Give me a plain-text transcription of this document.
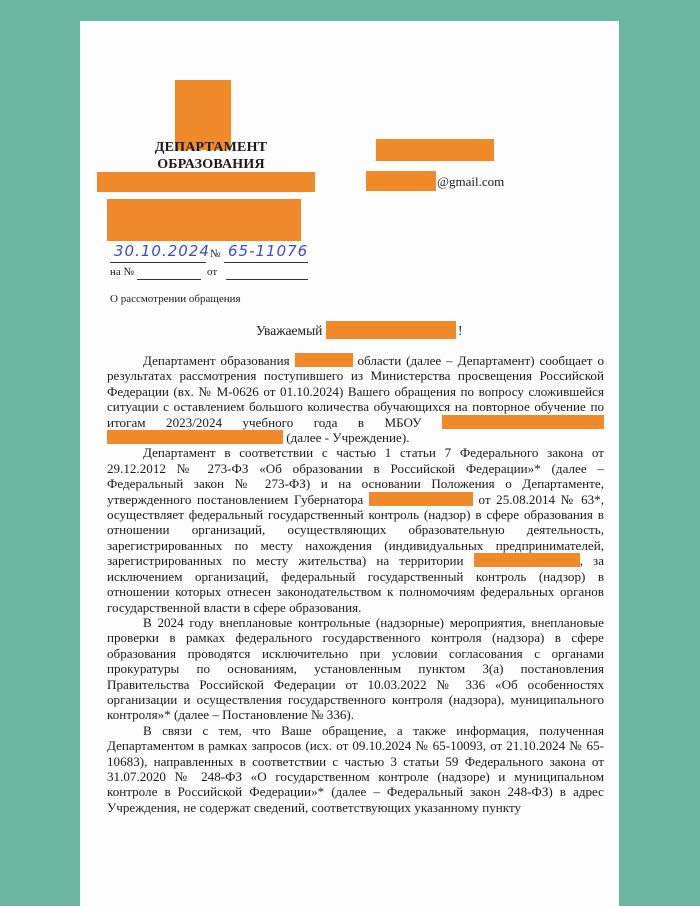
ДЕПАРТАМЕНТ
ОБРАЗОВАНИЯ
@gmail.com
30.10.2024 № 65-11076
на №	от
О рассмотрении обращения
Уважаемый	!

Департамент образования	области (далее – Департамент) сообщает о результатах рассмотрения поступившего из Министерства просвещения Российской Федерации (вх. № М-0626 от 01.10.2024) Вашего обращения по вопросу сложившейся ситуации с оставлением большого количества обучающихся на повторное обучение по итогам 2023/2024 учебного года в МБОУ   (далее - Учреждение).

Департамент в соответствии с частью 1 статьи 7 Федерального закона от 29.12.2012 № 273-ФЗ «Об образовании в Российской Федерации»* (далее – Федеральный закон № 273-ФЗ) и на основании Положения о Департаменте, утвержденного постановлением Губернатора	от 25.08.2014 № 63*, осуществляет федеральный государственный контроль (надзор) в сфере образования в отношении организаций, осуществляющих образовательную деятельность, зарегистрированных по месту нахождения (индивидуальных предпринимателей, зарегистрированных по месту жительства) на территории	, за исключением организаций, федеральный государственный контроль (надзор) в отношении которых отнесен законодательством к полномочиям федеральных органов государственной власти в сфере образования.

В 2024 году внеплановые контрольные (надзорные) мероприятия, внеплановые проверки в рамках федерального государственного контроля (надзора) в сфере образования проводятся исключительно при условии согласования с органами прокуратуры по основаниям, установленным пунктом 3(а) постановления Правительства Российской Федерации от 10.03.2022 № 336 «Об особенностях организации и осуществления государственного контроля (надзора), муниципального контроля»* (далее – Постановление № 336).

В связи с тем, что Ваше обращение, а также информация, полученная Департаментом в рамках запросов (исх. от 09.10.2024 № 65-10093, от 21.10.2024 № 65-10683), направленных в соответствии с частью 3 статьи 59 Федерального закона от 31.07.2020 № 248-ФЗ «О государственном контроле (надзоре) и муниципальном контроле в Российской Федерации»* (далее – Федеральный закон 248-ФЗ) в адрес Учреждения, не содержат сведений, соответствующих указанному пункту
